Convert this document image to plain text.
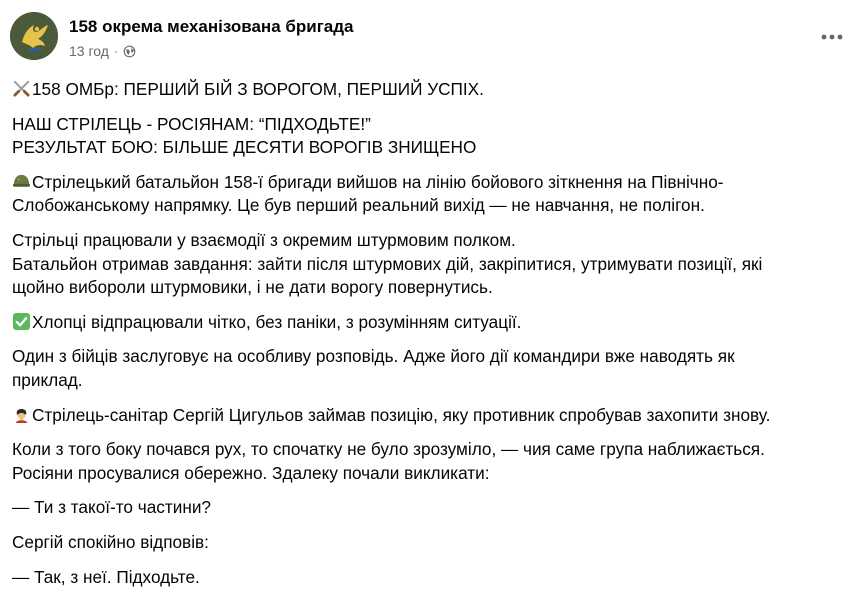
158 окрема механізована бригада
13 год ·

158 ОМБр: ПЕРШИЙ БІЙ З ВОРОГОМ, ПЕРШИЙ УСПІХ.

НАШ СТРІЛЕЦЬ - РОСІЯНАМ: “ПІДХОДЬТЕ!”

РЕЗУЛЬТАТ БОЮ: БІЛЬШЕ ДЕСЯТИ ВОРОГІВ ЗНИЩЕНО

Стрілецький батальйон 158-ї бригади вийшов на лінію бойового зіткнення на Північно-

Слобожанському напрямку. Це був перший реальний вихід — не навчання, не полігон.

Стрільці працювали у взаємодії з окремим штурмовим полком.

Батальйон отримав завдання: зайти після штурмових дій, закріпитися, утримувати позиції, які

щойно вибороли штурмовики, і не дати ворогу повернутись.

Хлопці відпрацювали чітко, без паніки, з розумінням ситуації.

Один з бійців заслуговує на особливу розповідь. Адже його дії командири вже наводять як

приклад.

Стрілець-санітар Сергій Цигульов займав позицію, яку противник спробував захопити знову.

Коли з того боку почався рух, то спочатку не було зрозуміло, — чия саме група наближається.

Росіяни просувалися обережно. Здалеку почали викликати:

— Ти з такої-то частини?

Сергій спокійно відповів:

— Так, з неї. Підходьте.
